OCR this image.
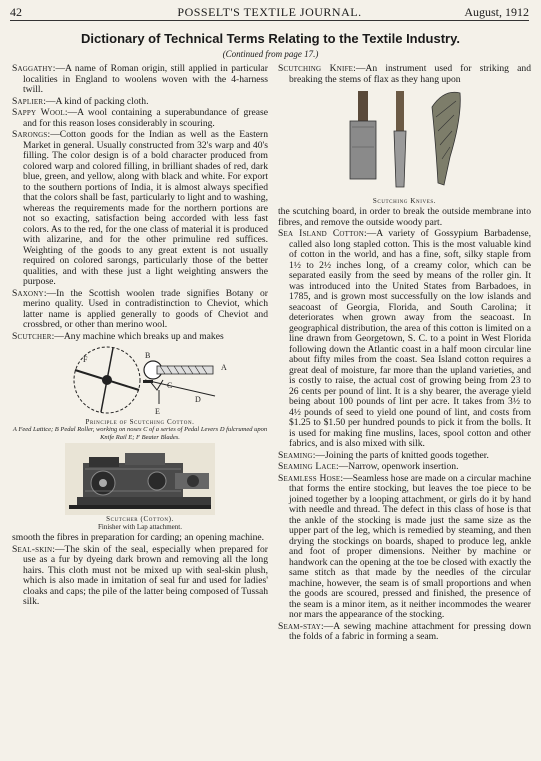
42	POSSELT'S TEXTILE JOURNAL.	August, 1912
Dictionary of Technical Terms Relating to the Textile Industry.
(Continued from page 17.)

Saggathy:—A name of Roman origin, still applied in particular localities in England to woolens woven with the 4-harness twill.

Saplier:—A kind of packing cloth.

Sappy Wool:—A wool containing a superabundance of grease and for this reason loses considerably in scouring.

Sarongs:—Cotton goods for the Indian as well as the Eastern Market in general. Usually constructed from 32's warp and 40's filling. The color design is of a bold character produced from colored warp and colored filling, in brilliant shades of red, dark blue, green, and yellow, along with black and white. For export to the southern portions of India, it is almost always specified that the colors shall be fast, particularly to light and to washing, whereas the requirements made for the northern portions are not so exacting, satisfaction being accorded with less fast colors. As to the red, for the one class of material it is produced with alizarine, and for the other primuline red suffices. Weighting of the goods to any great extent is not usually required on colored sarongs, particularly those of the better qualities, and with these just a light weighting answers the purpose.

Saxony:—In the Scottish woolen trade signifies Botany or merino quality. Used in contradistinction to Cheviot, which latter name is applied generally to goods of Cheviot and crossbred, or other than merino wool.

Scutcher:—Any machine which breaks up and makes

A
B
C
D
E
F
Principle of Scutching Cotton.
A Feed Lattice; B Pedal Roller, working on noses C of a series of Pedal Levers D fulcrumed upon Knife Rail E; F Beater Blades.
Scutcher (Cotton).
Finisher with Lap attachment.

smooth the fibres in preparation for carding; an opening machine.

Seal-skin:—The skin of the seal, especially when prepared for use as a fur by dyeing dark brown and removing all the long hairs. This cloth must not be mixed up with seal-skin plush, which is also made in imitation of seal fur and used for ladies' cloaks and caps; the pile of the latter being composed of Tussah silk.

Scutching Knife:—An instrument used for striking and breaking the stems of flax as they hang upon

Scutching Knives.

the scutching board, in order to break the outside membrane into fibres, and remove the outside woody part.

Sea Island Cotton:—A variety of Gossypium Barbadense, called also long stapled cotton. This is the most valuable kind of cotton in the world, and has a fine, soft, silky staple from 1½ to 2½ inches long, of a creamy color, which can be separated easily from the seed by means of the roller gin. It was introduced into the United States from Barbadoes, in 1785, and is grown most successfully on the low islands and seacoast of Georgia, Florida, and South Carolina; it deteriorates when grown away from the seacoast. In geographical distribution, the area of this cotton is limited on a line drawn from Georgetown, S. C. to a point in West Florida following down the Atlantic coast in a half moon circular line about fifty miles from the coast. Sea Island cotton requires a great deal of moisture, far more than the upland varieties, and is costly to raise, the actual cost of growing being from 23 to 26 cents per pound of lint. It is a shy bearer, the average yield being about 100 pounds of lint per acre. It takes from 3½ to 4½ pounds of seed to yield one pound of lint, and costs from $1.25 to $1.50 per hundred pounds to pick it from the bolls. It is used for making fine muslins, laces, spool cotton and other fabrics, and is also mixed with silk.

Seaming:—Joining the parts of knitted goods together.

Seaming Lace:—Narrow, openwork insertion.

Seamless Hose:—Seamless hose are made on a circular machine that forms the entire stocking, but leaves the toe piece to be joined together by a looping attachment, or girls do it by hand with needle and thread. The defect in this class of hose is that the ankle of the stocking is made just the same size as the upper part of the leg, which is remedied by steaming, and then drying the stockings on boards, shaped to produce leg, ankle and foot of proper dimensions. Neither by machine or handwork can the opening at the toe be closed with exactly the same stitch as that made by the needles of the circular machine, however, the seam is of small proportions and when the goods are scoured, pressed and finished, the presence of the seam is a minor item, as it neither incommodes the wearer nor mars the appearance of the stocking.

Seam-stay:—A sewing machine attachment for pressing down the folds of a fabric in forming a seam.
